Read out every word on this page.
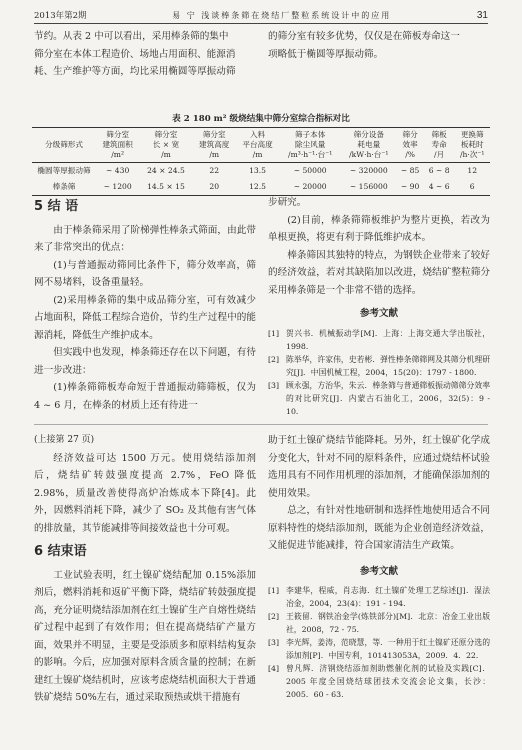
2013年第2期	易 宁 浅谈棒条筛在烧结厂整粒系统设计中的应用	31

节约。从表 2 中可以看出，采用棒条筛的集中

筛分室在本体工程造价、场地占用面积、能源消

耗、生产维护等方面，均比采用椭圆等厚振动筛

的筛分室有较多优势，仅仅是在筛板寿命这一

项略低于椭圆等厚振动筛。

表 2 180 m² 级烧结集中筛分室综合指标对比
分级筛形式	筛分室
建筑面积
/m²	筛分室
长 × 宽
/m	筛分室
建筑高度
/m	入料
平台高度
/m	筛子本体
除尘风量
/m³·h⁻¹·台⁻¹	筛分设备
耗电量
/kW·h·台⁻¹	筛分
效率
/%	筛板
寿命
/月	更换筛
板耗时
/h·次⁻¹
椭圆等厚振动筛	~ 430	24 × 24.5	22	13.5	~ 50000	~ 320000	~ 85	6 ~ 8	12
棒条筛	~ 1200	14.5 × 15	20	12.5	~ 20000	~ 156000	~ 90	4 ~ 6	6
5 结 语

由于棒条筛采用了阶梯弹性棒条式筛面，由此带来了非常突出的优点：

(1)与普通振动筛同比条件下，筛分效率高，筛网不易堵料，设备重量轻。

(2)采用棒条筛的集中成品筛分室，可有效减少占地面积，降低工程综合造价，节约生产过程中的能源消耗，降低生产维护成本。

但实践中也发现，棒条筛还存在以下问题，有待进一步改进：

(1)棒条筛筛板寿命短于普通振动筛筛板，仅为 4 ~ 6 月，在棒条的材质上还有待进一

步研究。

(2)目前，棒条筛筛板维护为整片更换，若改为单根更换，将更有利于降低维护成本。

棒条筛因其独特的特点，为钢铁企业带来了较好的经济效益，若对其缺陷加以改进，烧结矿整粒筛分采用棒条筛是一个非常不错的选择。

参考文献
[1] 贺兴书．机械振动学[M]．上海：上海交通大学出版社，1998．
[2] 陈举华，许家伟，史若彬．弹性棒条筛筛网及其筛分机理研究[J]．中国机械工程，2004，15(20)：1797 - 1800．
[3] 顾永强，方治华，朱云．棒条筛与普通筛板振动筛筛分效率的对比研究[J]．内蒙古石油化工，2006，32(5)：9 - 10．
(上接第 27 页)

经济效益可达 1500 万元。使用烧结添加剂后，烧结矿转鼓强度提高 2.7%，FeO 降低 2.98%，质量改善使得高炉冶炼成本下降[4]。此外，因燃料消耗下降，减少了 SO₂ 及其他有害气体的排放量，其节能减排等间接效益也十分可观。

6 结束语

工业试验表明，红土镍矿烧结配加 0.15%添加剂后，燃料消耗和返矿平衡下降，烧结矿转鼓强度提高，充分证明烧结添加剂在红土镍矿生产自熔性烧结矿过程中起到了有效作用；但在提高烧结矿产量方面，效果并不明显，主要是受添质多和原料结构复杂的影响。今后，应加强对原料含质含量的控制；在新建红土镍矿烧结机时，应该考虑烧结机面积大于普通铁矿烧结 50%左右，通过采取预热或烘干措施有

助于红土镍矿烧结节能降耗。另外，红土镍矿化学成分变化大，针对不同的原料条件，应通过烧结杯试验选用具有不同作用机理的添加剂，才能确保添加剂的使用效果。

总之，有针对性地研制和选择性地使用适合不同原料特性的烧结添加剂，既能为企业创造经济效益，又能促进节能减排，符合国家清洁生产政策。

参考文献
[1] 李建华，程威，肖志海．红土镍矿处理工艺综述[J]．湿法冶金，2004，23(4)：191 - 194．
[2] 王筱留．钢铁冶金学(炼铁部分)[M]．北京：冶金工业出版社，2008，72 - 75．
[3] 李光辉，姜涛，范晓慧，等．一种用于红土镍矿还原分选的添加剂[P]．中国专利，101413053A，2009．4．22．
[4] 曾凡辉．济钢烧结添加剂助燃催化剂的试验及实践[C]．2005 年度全国烧结球团技术交流会论文集，长沙：2005．60 - 63．
